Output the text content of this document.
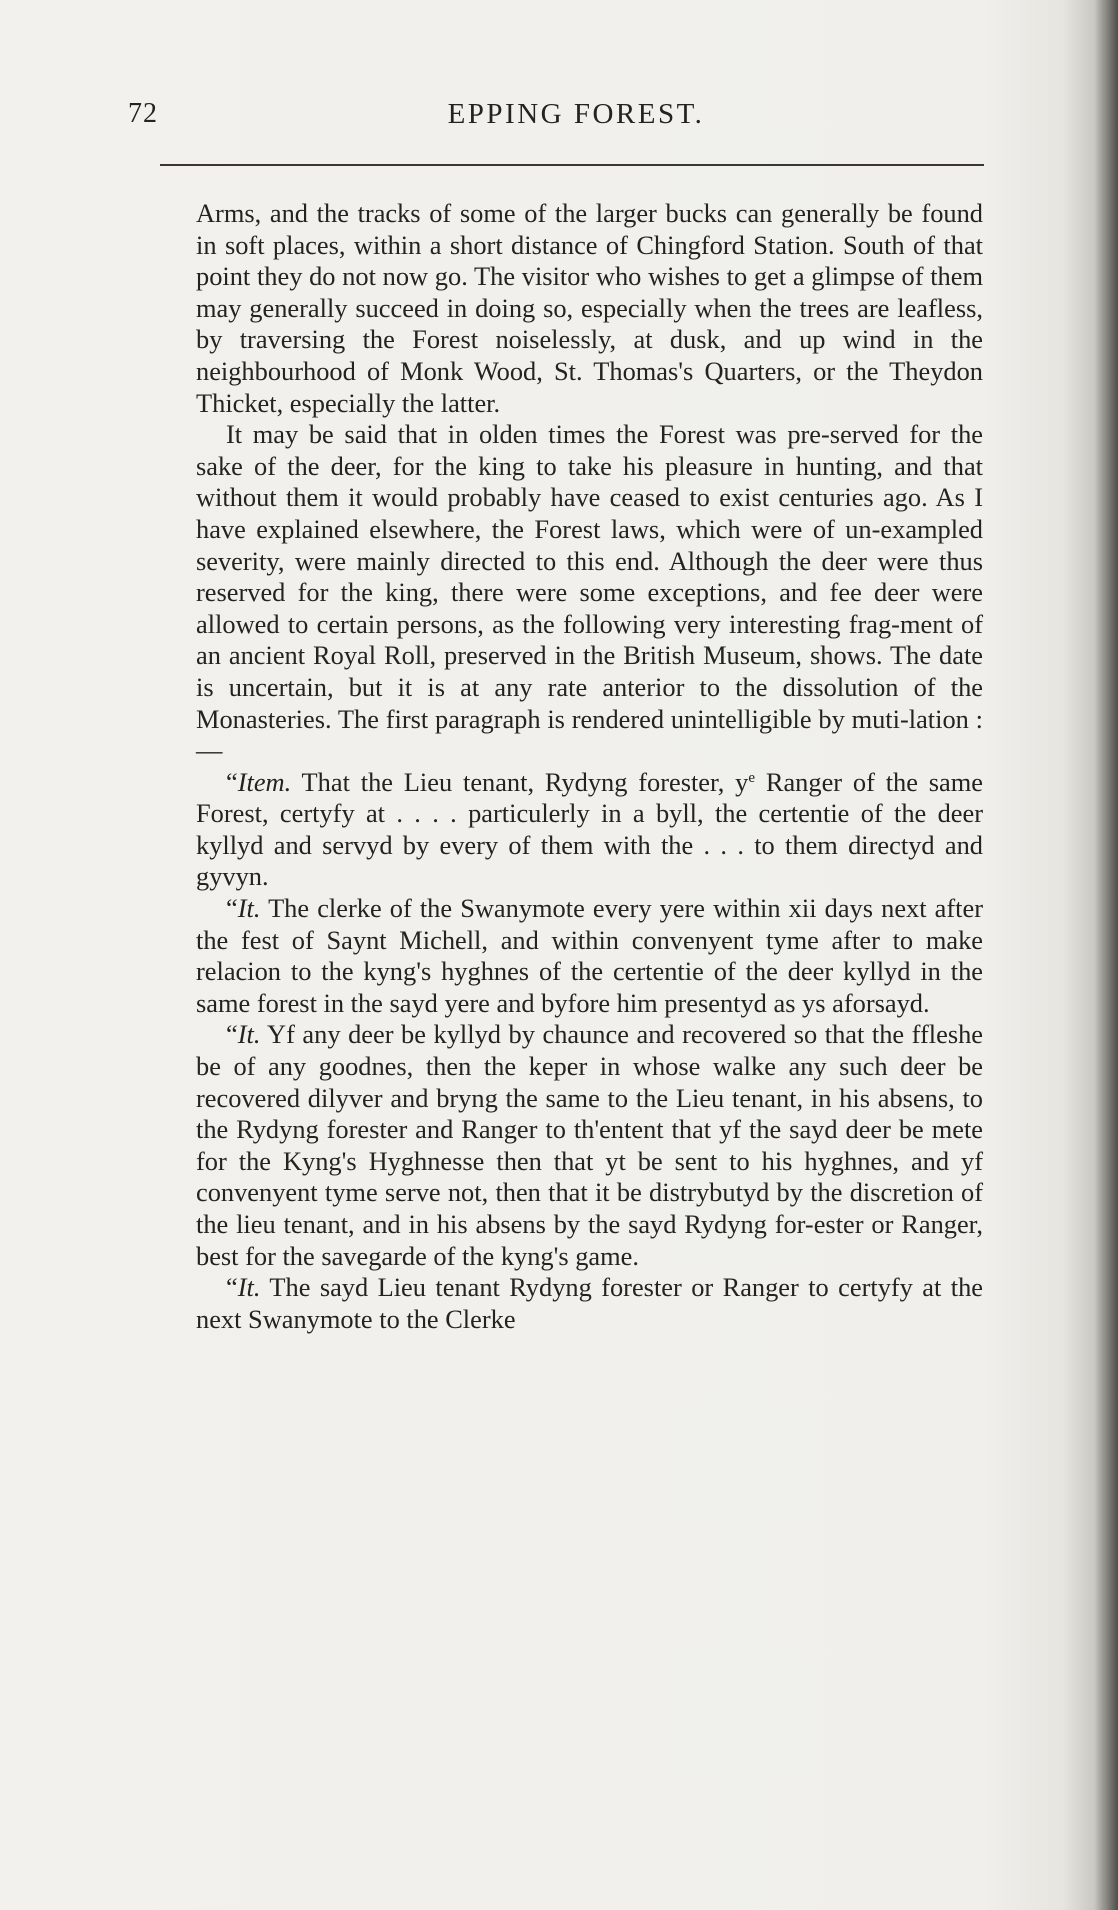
72	EPPING FOREST.

Arms, and the tracks of some of the larger bucks can generally be found in soft places, within a short distance of Chingford Station. South of that point they do not now go. The visitor who wishes to get a glimpse of them may generally succeed in doing so, especially when the trees are leafless, by traversing the Forest noiselessly, at dusk, and up wind in the neighbourhood of Monk Wood, St. Thomas's Quarters, or the Theydon Thicket, especially the latter.

It may be said that in olden times the Forest was pre-served for the sake of the deer, for the king to take his pleasure in hunting, and that without them it would probably have ceased to exist centuries ago. As I have explained elsewhere, the Forest laws, which were of un-exampled severity, were mainly directed to this end. Although the deer were thus reserved for the king, there were some exceptions, and fee deer were allowed to certain persons, as the following very interesting frag-ment of an ancient Royal Roll, preserved in the British Museum, shows. The date is uncertain, but it is at any rate anterior to the dissolution of the Monasteries. The first paragraph is rendered unintelligible by muti-lation :—

“Item. That the Lieu tenant, Rydyng forester, $y^e$ Ranger of the same Forest, certyfy at . . . . particulerly in a byll, the certentie of the deer kyllyd and servyd by every of them with the . . . to them directyd and gyvyn.

“It. The clerke of the Swanymote every yere within xii days next after the fest of Saynt Michell, and within convenyent tyme after to make relacion to the kyng's hyghnes of the certentie of the deer kyllyd in the same forest in the sayd yere and byfore him presentyd as ys aforsayd.

“It. Yf any deer be kyllyd by chaunce and recovered so that the ffleshe be of any goodnes, then the keper in whose walke any such deer be recovered dilyver and bryng the same to the Lieu tenant, in his absens, to the Rydyng forester and Ranger to th'entent that yf the sayd deer be mete for the Kyng's Hyghnesse then that yt be sent to his hyghnes, and yf convenyent tyme serve not, then that it be distrybutyd by the discretion of the lieu tenant, and in his absens by the sayd Rydyng for-ester or Ranger, best for the savegarde of the kyng's game.

“It. The sayd Lieu tenant Rydyng forester or Ranger to certyfy at the next Swanymote to the Clerke
